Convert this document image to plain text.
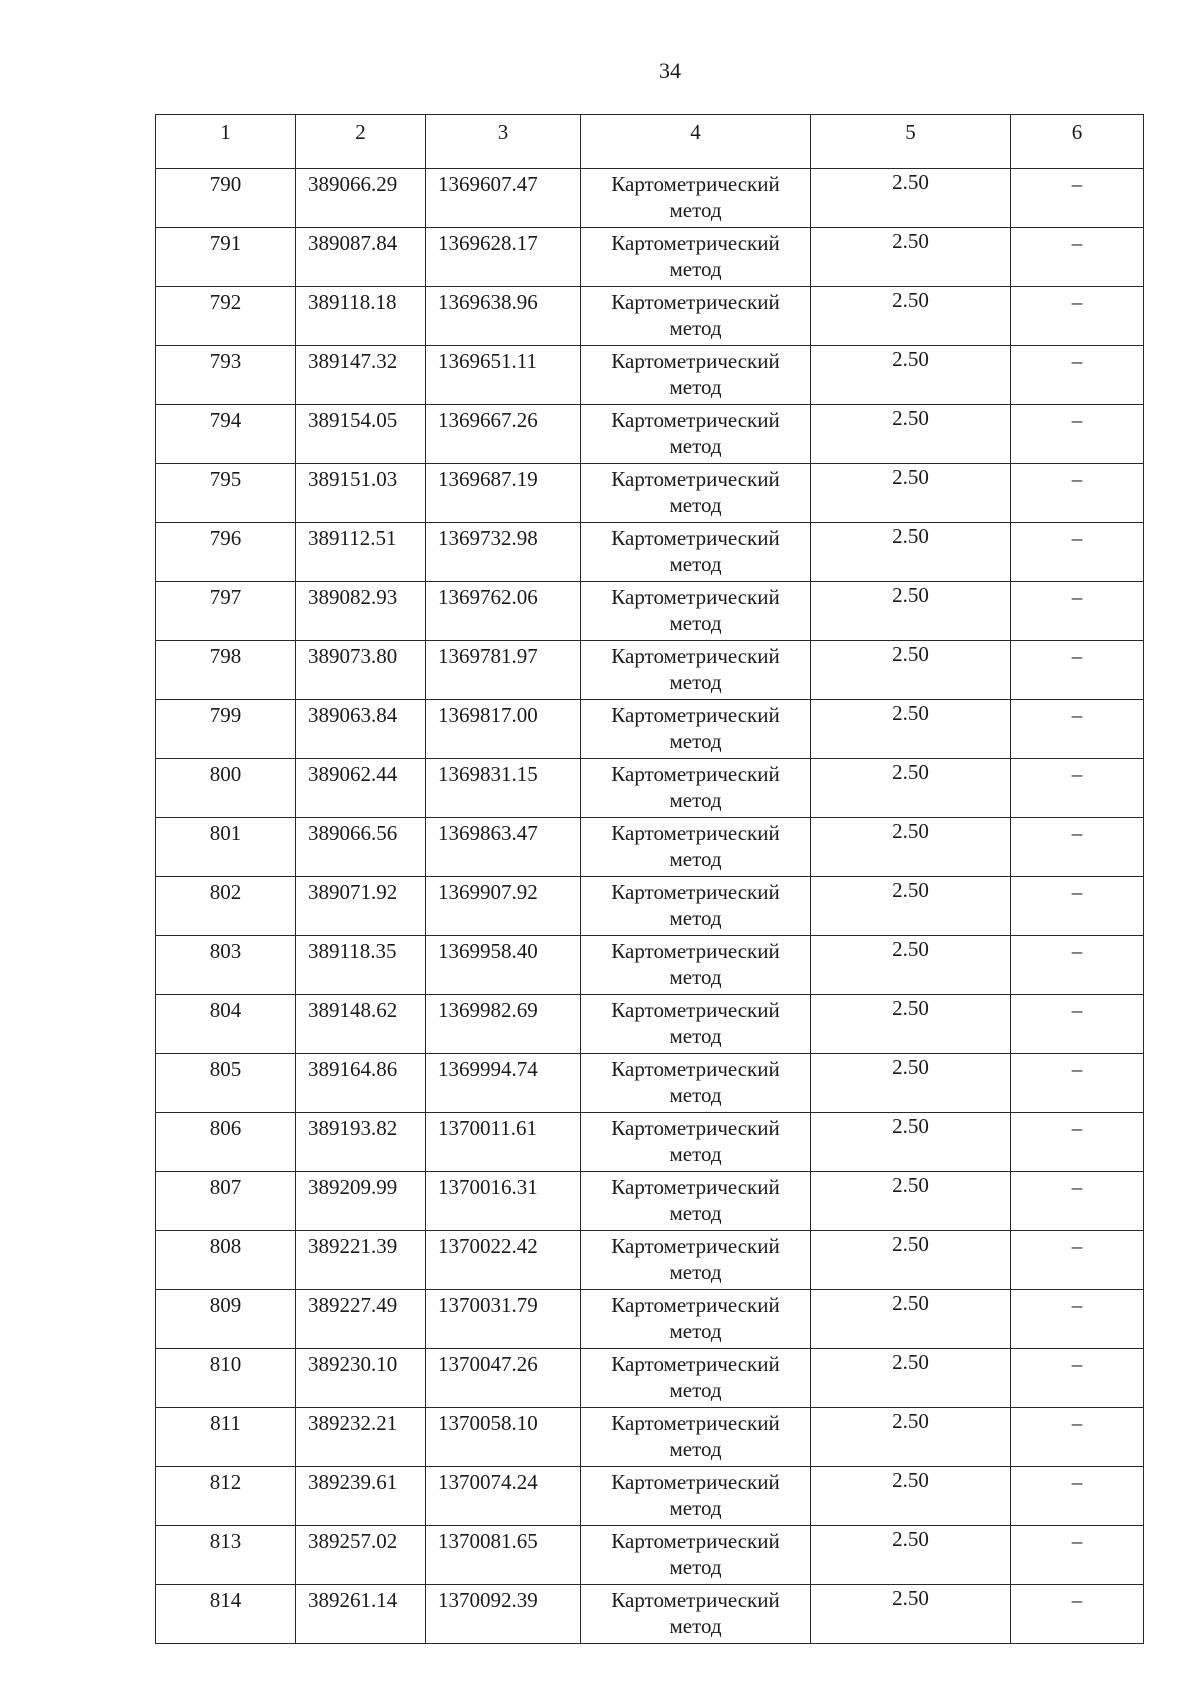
34
1	2	3	4	5	6
790	389066.29	1369607.47	Картометрический
метод	2.50	–
791	389087.84	1369628.17	Картометрический
метод	2.50	–
792	389118.18	1369638.96	Картометрический
метод	2.50	–
793	389147.32	1369651.11	Картометрический
метод	2.50	–
794	389154.05	1369667.26	Картометрический
метод	2.50	–
795	389151.03	1369687.19	Картометрический
метод	2.50	–
796	389112.51	1369732.98	Картометрический
метод	2.50	–
797	389082.93	1369762.06	Картометрический
метод	2.50	–
798	389073.80	1369781.97	Картометрический
метод	2.50	–
799	389063.84	1369817.00	Картометрический
метод	2.50	–
800	389062.44	1369831.15	Картометрический
метод	2.50	–
801	389066.56	1369863.47	Картометрический
метод	2.50	–
802	389071.92	1369907.92	Картометрический
метод	2.50	–
803	389118.35	1369958.40	Картометрический
метод	2.50	–
804	389148.62	1369982.69	Картометрический
метод	2.50	–
805	389164.86	1369994.74	Картометрический
метод	2.50	–
806	389193.82	1370011.61	Картометрический
метод	2.50	–
807	389209.99	1370016.31	Картометрический
метод	2.50	–
808	389221.39	1370022.42	Картометрический
метод	2.50	–
809	389227.49	1370031.79	Картометрический
метод	2.50	–
810	389230.10	1370047.26	Картометрический
метод	2.50	–
811	389232.21	1370058.10	Картометрический
метод	2.50	–
812	389239.61	1370074.24	Картометрический
метод	2.50	–
813	389257.02	1370081.65	Картометрический
метод	2.50	–
814	389261.14	1370092.39	Картометрический
метод	2.50	–
